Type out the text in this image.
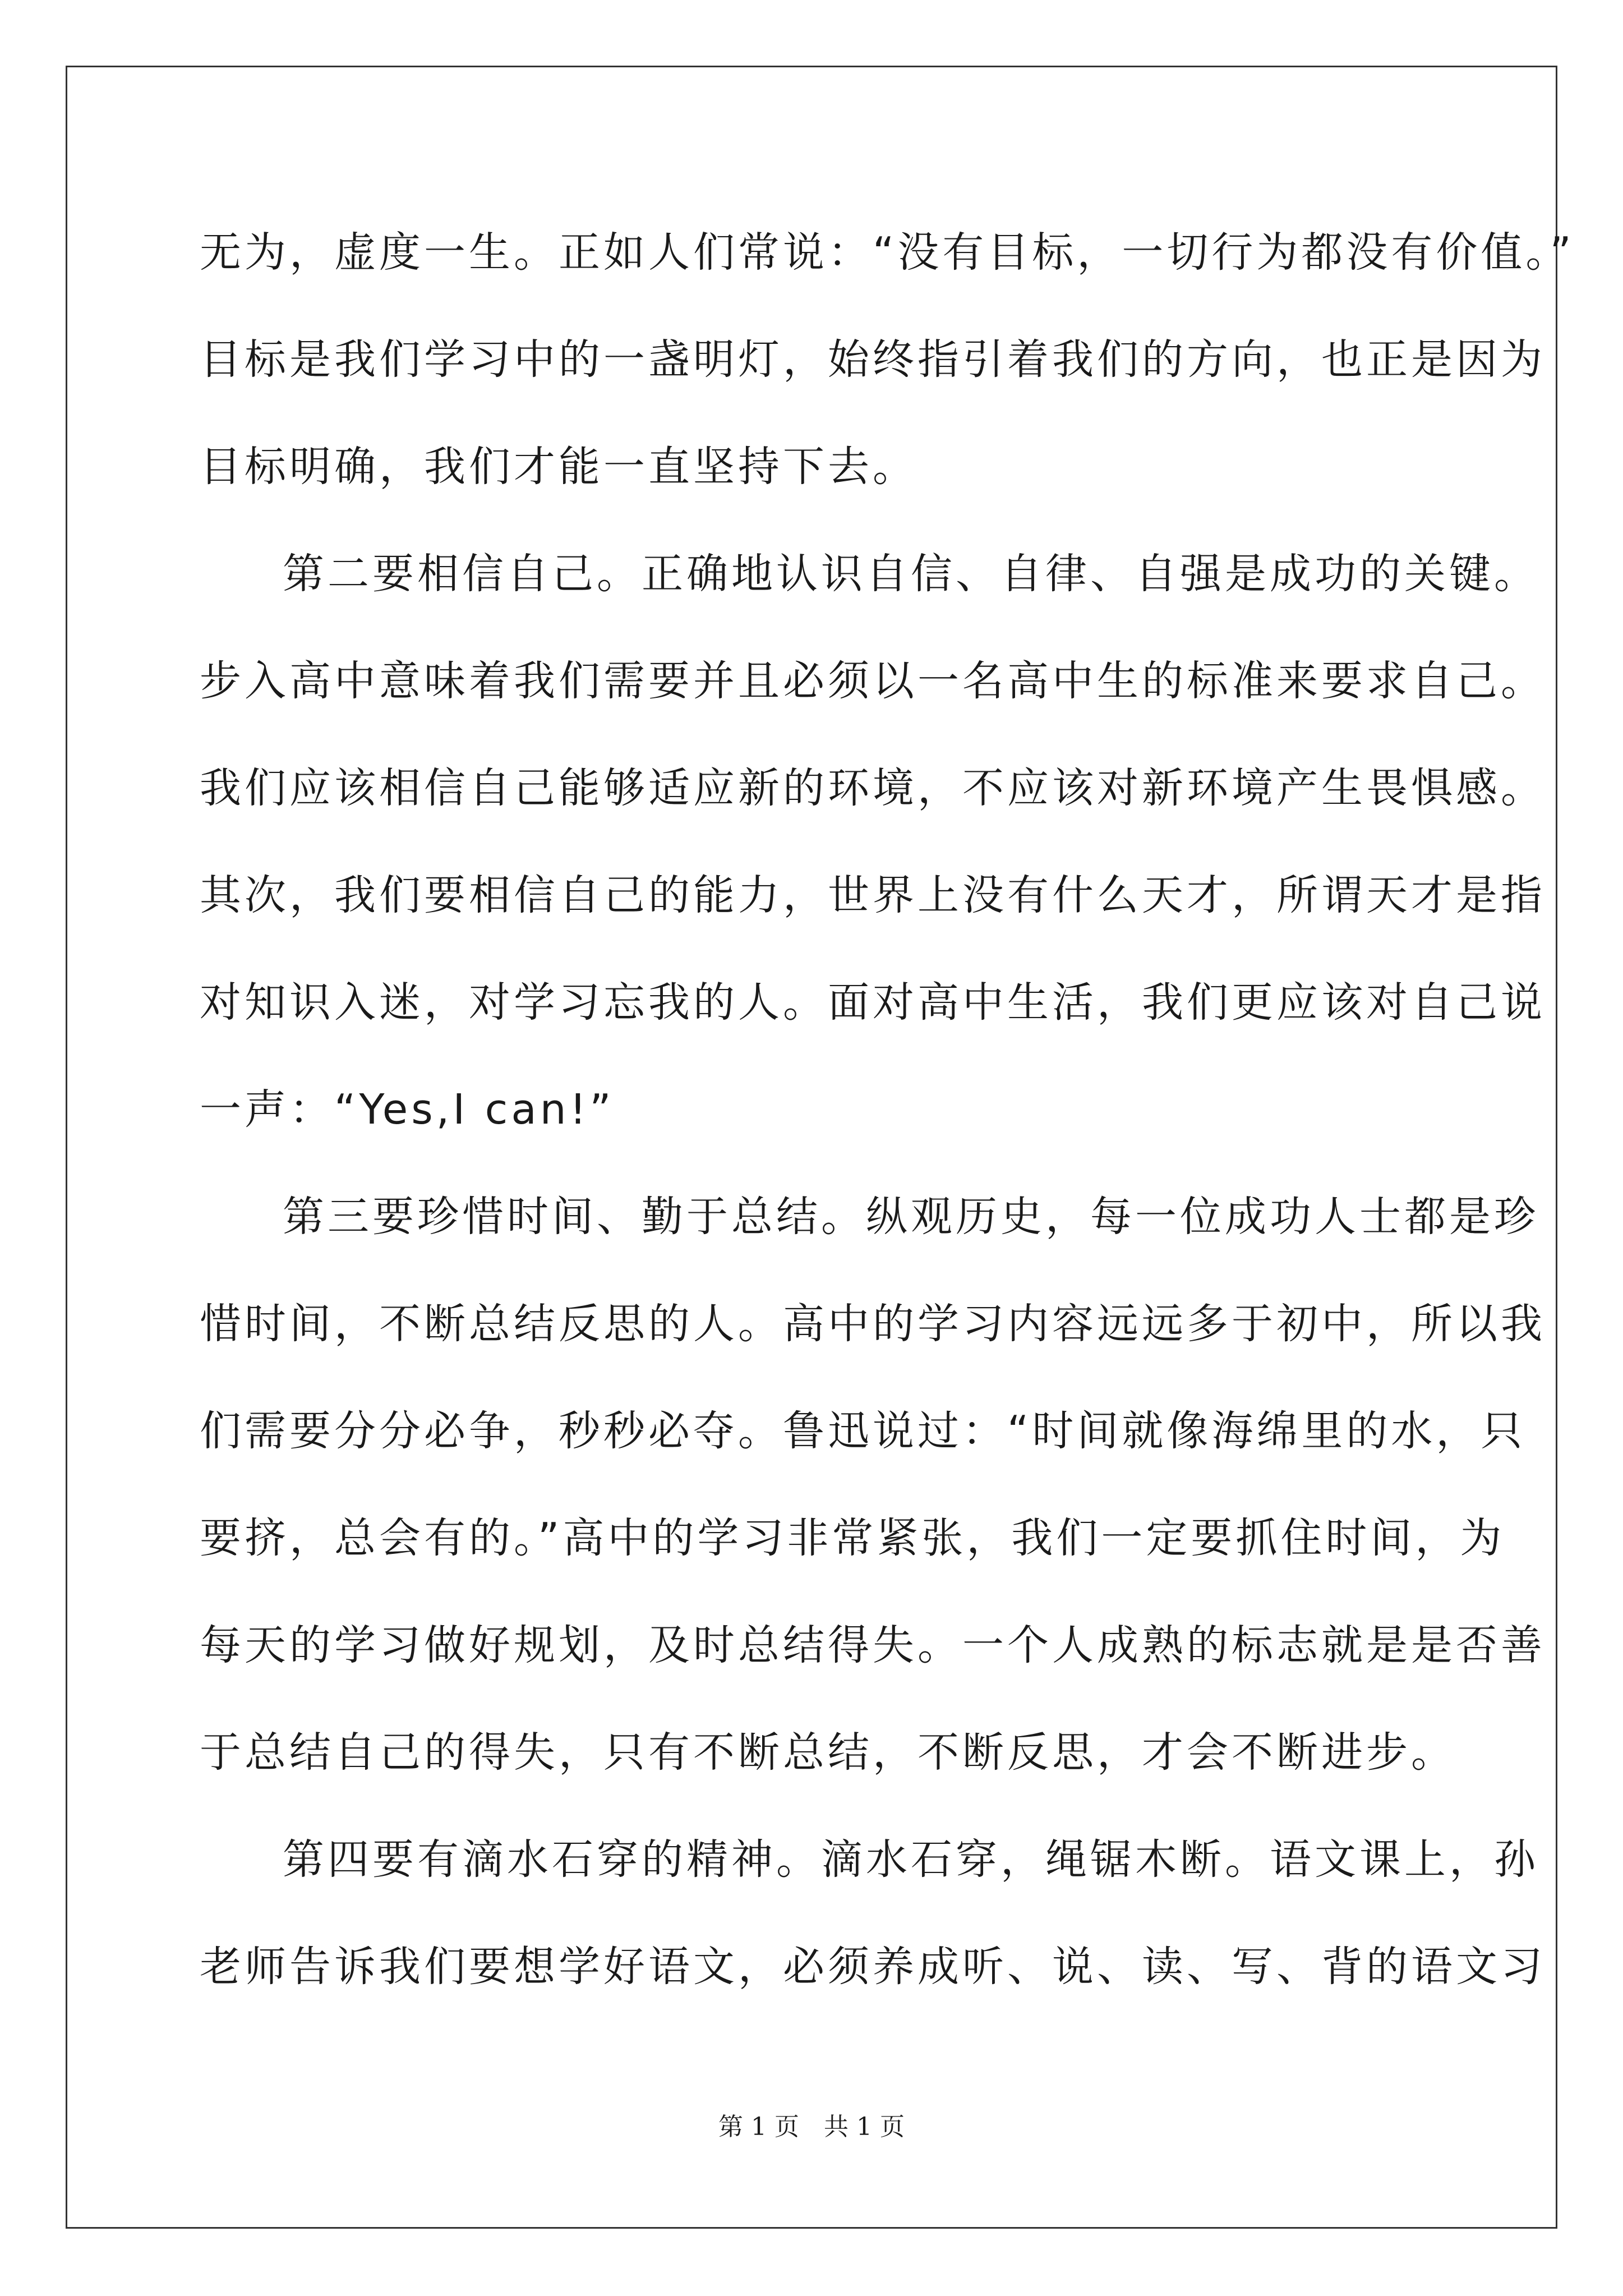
无为，虚度一生。正如人们常说：“没有目标，一切行为都没有价值。”
目标是我们学习中的一盏明灯，始终指引着我们的方向，也正是因为
目标明确，我们才能一直坚持下去。
第二要相信自己。正确地认识自信、自律、自强是成功的关键。
步入高中意味着我们需要并且必须以一名高中生的标准来要求自己。
我们应该相信自己能够适应新的环境，不应该对新环境产生畏惧感。
其次，我们要相信自己的能力，世界上没有什么天才，所谓天才是指
对知识入迷，对学习忘我的人。面对高中生活，我们更应该对自己说
一声：“Yes,I can!”
第三要珍惜时间、勤于总结。纵观历史，每一位成功人士都是珍
惜时间，不断总结反思的人。高中的学习内容远远多于初中，所以我
们需要分分必争，秒秒必夺。鲁迅说过：“时间就像海绵里的水，只
要挤，总会有的。”高中的学习非常紧张，我们一定要抓住时间，为
每天的学习做好规划，及时总结得失。一个人成熟的标志就是是否善
于总结自己的得失，只有不断总结，不断反思，才会不断进步。
第四要有滴水石穿的精神。滴水石穿，绳锯木断。语文课上，孙
老师告诉我们要想学好语文，必须养成听、说、读、写、背的语文习
第 1 页　共 1 页
